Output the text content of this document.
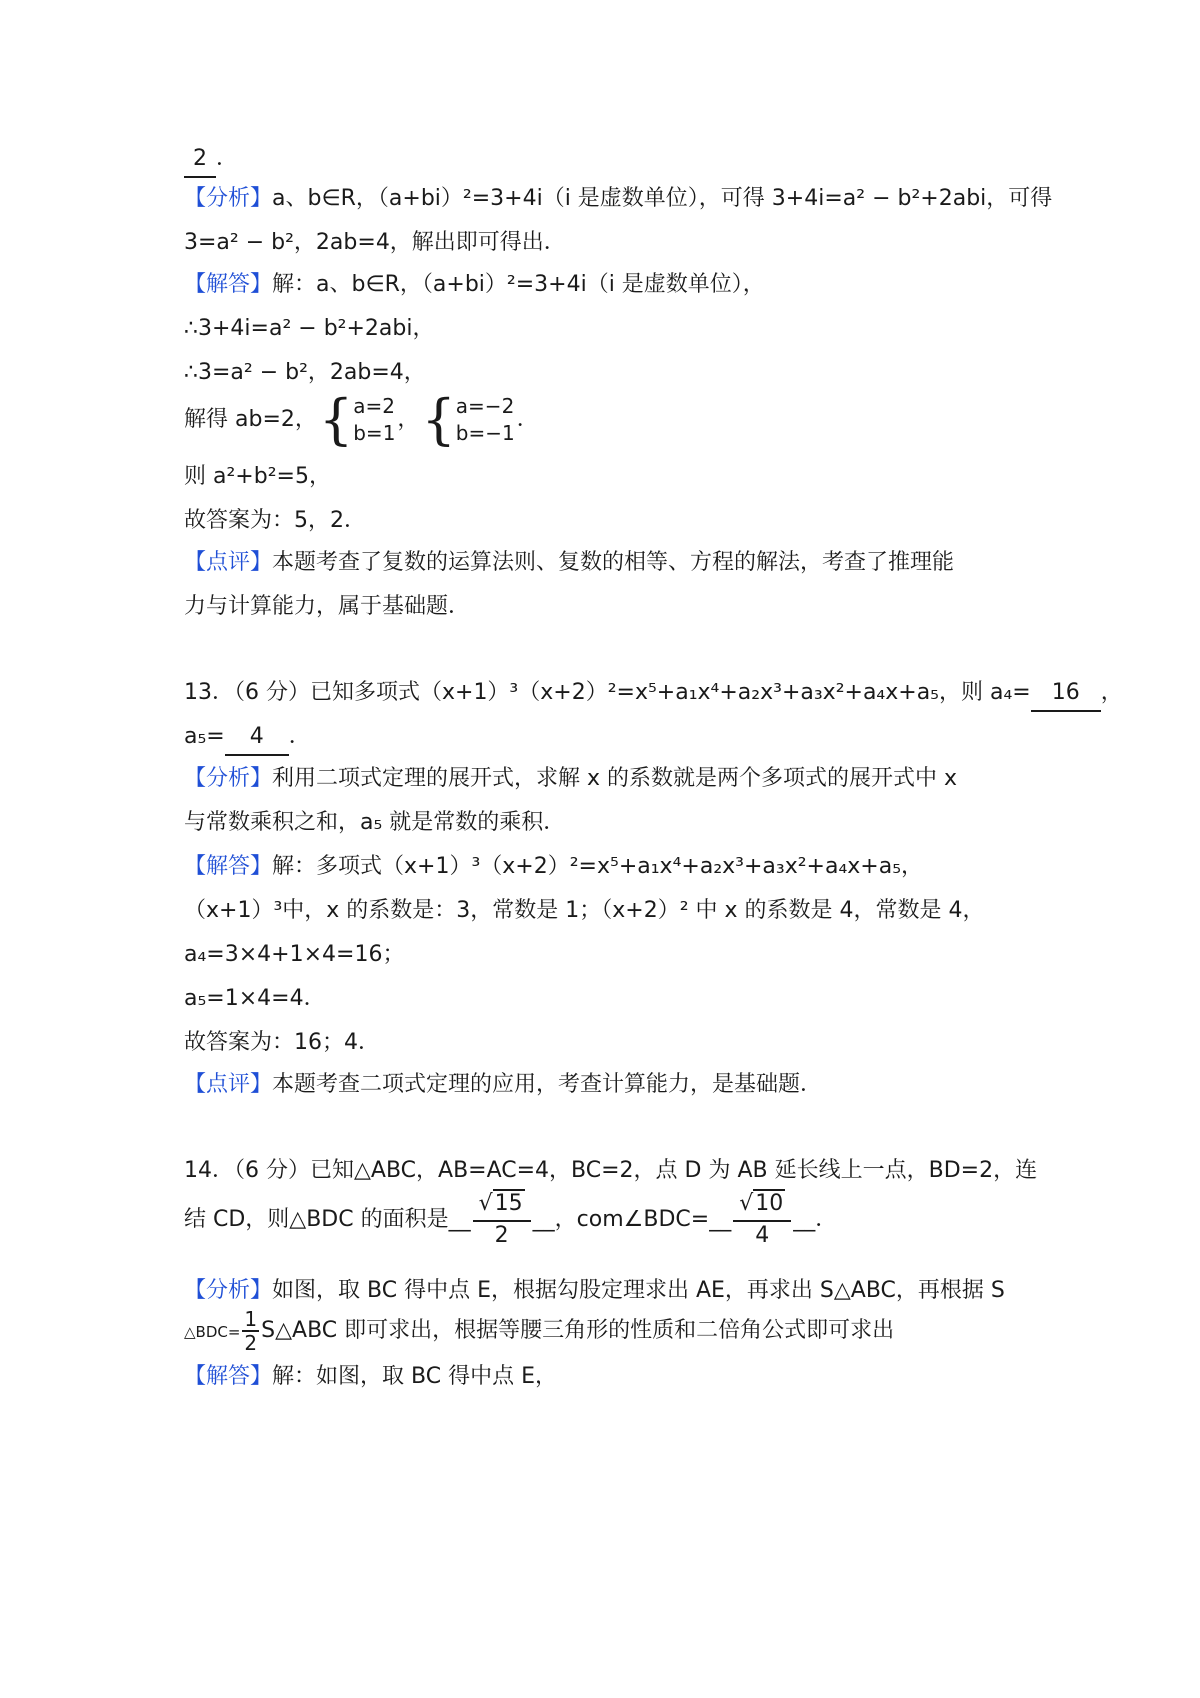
2 ．
【分析】a、b∈R，（a+bi）²=3+4i（i 是虚数单位），可得 3+4i=a² − b²+2abi，可得
3=a² − b²，2ab=4，解出即可得出．
【解答】解：a、b∈R，（a+bi）²=3+4i（i 是虚数单位），
∴3+4i=a² − b²+2abi，
∴3=a² − b²，2ab=4，
解得 ab=2，{ a=2
b=1
，{ a=−2
b=−1
．
则 a²+b²=5，
故答案为：5，2．
【点评】本题考查了复数的运算法则、复数的相等、方程的解法，考查了推理能
力与计算能力，属于基础题．
13．（6 分）已知多项式（x+1）³（x+2）²=x⁵+a₁x⁴+a₂x³+a₃x²+a₄x+a₅，则 a₄= 16 ，
a₅= 4 ．
【分析】利用二项式定理的展开式，求解 x 的系数就是两个多项式的展开式中 x
与常数乘积之和，a₅ 就是常数的乘积．
【解答】解：多项式（x+1）³（x+2）²=x⁵+a₁x⁴+a₂x³+a₃x²+a₄x+a₅，
（x+1）³中，x 的系数是：3，常数是 1；（x+2）² 中 x 的系数是 4，常数是 4，
a₄=3×4+1×4=16；
a₅=1×4=4．
故答案为：16；4．
【点评】本题考查二项式定理的应用，考查计算能力，是基础题．
14．（6 分）已知△ABC，AB=AC=4，BC=2，点 D 为 AB 延长线上一点，BD=2，连
结 CD，则△BDC 的面积是__ $\frac{√15}{2}$ __，com∠BDC=__ $\frac{√10}{4}$ __．
【分析】如图，取 BC 得中点 E，根据勾股定理求出 AE，再求出 S△ABC，再根据 S
△BDC= $\frac{1}{2}$ S△ABC 即可求出，根据等腰三角形的性质和二倍角公式即可求出
【解答】解：如图，取 BC 得中点 E，
